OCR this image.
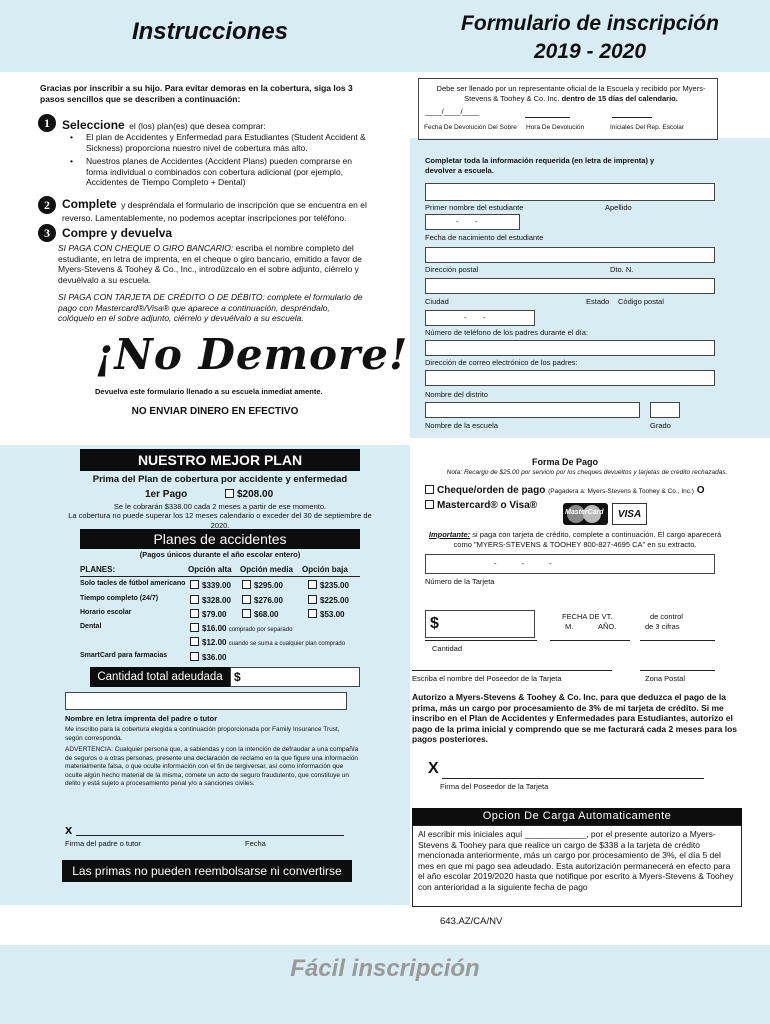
Instrucciones	Formulario de inscripción
2019 - 2020
Gracias por inscribir a su hijo. Para evitar demoras en la cobertura, siga los 3 pasos sencillos que se describen a continuación:
1	Seleccione el (los) plan(es) que desea comprar:
• El plan de Accidentes y Enfermedad para Estudiantes (Student Accident & Sickness) proporciona nuestro nivel de cobertura más alto.
• Nuestros planes de Accidentes (Accident Plans) pueden comprarse en forma individual o combinados con cobertura adicional (por ejemplo, Accidentes de Tiempo Completo + Dental)
2	Complete y despréndala el formulario de inscripción que se encuentra en el reverso. Lamentablemente, no podemos aceptar inscripciones por teléfono.
3	Compre y devuelva
SI PAGA CON CHEQUE O GIRO BANCARIO: escriba el nombre completo del estudiante, en letra de imprenta, en el cheque o giro bancario, emitido a favor de Myers-Stevens & Toohey & Co., Inc., introdúzcalo en el sobre adjunto, ciérrelo y devuélvalo a su escuela.
SI PAGA CON TARJETA DE CRÉDITO O DE DÉBITO: complete el formulario de pago con Mastercard®/Visa® que aparece a continuación, despréndalo, colóquelo en el sobre adjunto, ciérrelo y devuélvalo a su escuela.
¡No Demore!
Devuelva este formulario llenado a su escuela inmediat amente.
NO ENVIAR DINERO EN EFECTIVO
NUESTRO MEJOR PLAN
Prima del Plan de cobertura por accidente y enfermedad
1er Pago	$208.00
Se le cobrarán $338.00 cada 2 meses a partir de ese momento.
La cobertura no puede superar los 12 meses calendario o exceder del 30 de septiembre de 2020.
Planes de accidentes
(Pagos únicos durante el año escolar entero)
PLANES:	Opción alta Opción media Opción baja
Solo tacles de fútbol americano	$339.00	$295.00	$235.00
Tiempo completo (24/7)	$328.00	$276.00	$225.00
Horario escolar	$79.00	$68.00	$53.00
Dental	$16.00 comprado por separado
$12.00 cuando se suma a cualquier plan comprado
SmartCard para farmacias	$36.00
Cantidad total adeudada $
Nombre en letra imprenta del padre o tutor
Me inscribo para la cobertura elegida a continuación proporcionada por Family Insurance Trust, según corresponda.
ADVERTENCIA: Cualquier persona que, a sabiendas y con la intención de defraudar a una compañía de seguros o a otras personas, presente una declaración de reclamo en la que figure una información materialmente falsa, o que oculte información con el fin de tergiversar, así como información que oculte algún hecho material de la misma, comete un acto de seguro fraudulento, que constituye un delito y está sujeto a procesamiento penal y/o a sanciones civiles.
x
Firma del padre o tutor	Fecha
Las primas no pueden reembolsarse ni convertirse
Debe ser llenado por un representante oficial de la Escuela y recibido por Myers-Stevens & Toohey & Co. Inc. dentro de 15 días del calendario.
____/____/____
Fecha De Devolución Del Sobre Hora De Devolución	Iniciales Del Rep. Escolar
Completar toda la información requerida (en letra de imprenta) y devolver a escuela.
Primer nombre del estudiante	Apellido
-        -
Fecha de nacimiento del estudiante
Dirección postal	Dto. N.
Ciudad	Estado Código postal
-        -
Número de teléfono de los padres durante el día:
Dirección de correo electrónico de los padres:
Nombre del distrito
Nombre de la escuela	Grado
Forma De Pago
Nota: Recargo de $25.00 por servicio por los cheques devueltos y tarjetas de crédito rechazadas.
Cheque/orden de pago (Pagadera a: Myers-Stevens & Toohey & Co., Inc.) O
Mastercard® o Visa®
MasterCard	VISA
Importante: si paga con tarjeta de crédito, complete a continuación. El cargo aparecerá como "MYERS-STEVENS & TOOHEY 800-827-4695 CA" en su extracto.
-            -            -
Número de la Tarjeta
$
Cantidad
FECHA DE VT.
M.	AÑO.
de control
de 3 cifras
Escriba el nombre del Poseedor de la Tarjeta	Zona Postal
Autorizo a Myers-Stevens & Toohey & Co. Inc. para que deduzca el pago de la prima, más un cargo por procesamiento de 3% de mi tarjeta de crédito. Si me inscribo en el Plan de Accidentes y Enfermedades para Estudiantes, autorizo el pago de la prima inicial y comprendo que se me facturará cada 2 meses para los pagos posteriores.
X
Firma del Poseedor de la Tarjeta
Opcion De Carga Automaticamente
Al escribir mis iniciales aquí _____________, por el presente autorizo a Myers-Stevens & Toohey para que realice un cargo de $338 a la tarjeta de crédito mencionada anteriormente, más un cargo por procesamiento de 3%, el día 5 del mes en que mi pago sea adeudado. Esta autorización permanecerá en efecto para el año escolar 2019/2020 hasta que notifique por escrito a Myers-Stevens & Toohey con anterioridad a la siguiente fecha de pago
643.AZ/CA/NV
Fácil inscripción
